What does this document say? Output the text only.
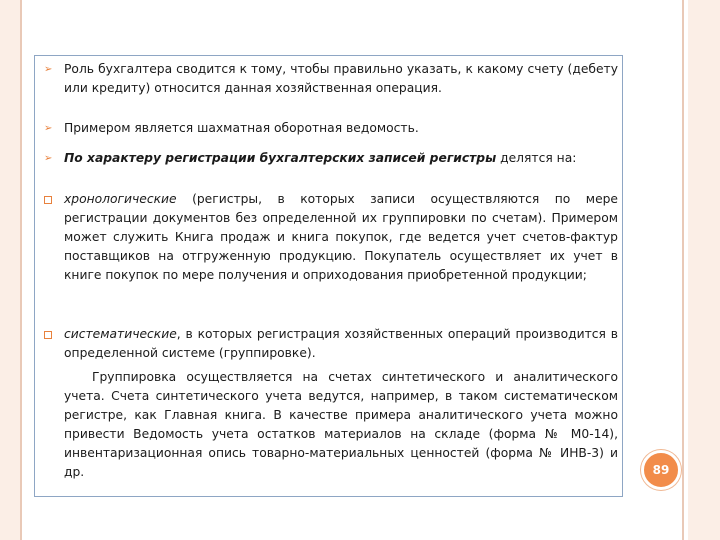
➢ Роль бухгалтера сводится к тому, чтобы правильно указать, к какому счету (дебету или кредиту) относится данная хозяйственная операция.

➢ Примером является шахматная оборотная ведомость.

➢ По характеру регистрации бухгалтерских записей регистры делятся на:

хронологические (регистры, в которых записи осуществляются по мере регистрации документов без определенной их группировки по счетам). Примером может служить Книга продаж и книга покупок, где ведется учет счетов-фактур поставщиков на отгруженную продукцию. Покупатель осуществляет их учет в книге покупок по мере получения и оприходования приобретенной продукции;

систематические, в которых регистрация хозяйственных операций производится в определенной системе (группировке).

Группировка осуществляется на счетах синтетического и аналитического учета. Счета синтетического учета ведутся, например, в таком систематическом регистре, как Главная книга. В качестве примера аналитического учета можно привести Ведомость учета остатков материалов на складе (форма № М0-14), инвентаризационная опись товарно-материальных ценностей (форма № ИНВ-3) и др.	89
